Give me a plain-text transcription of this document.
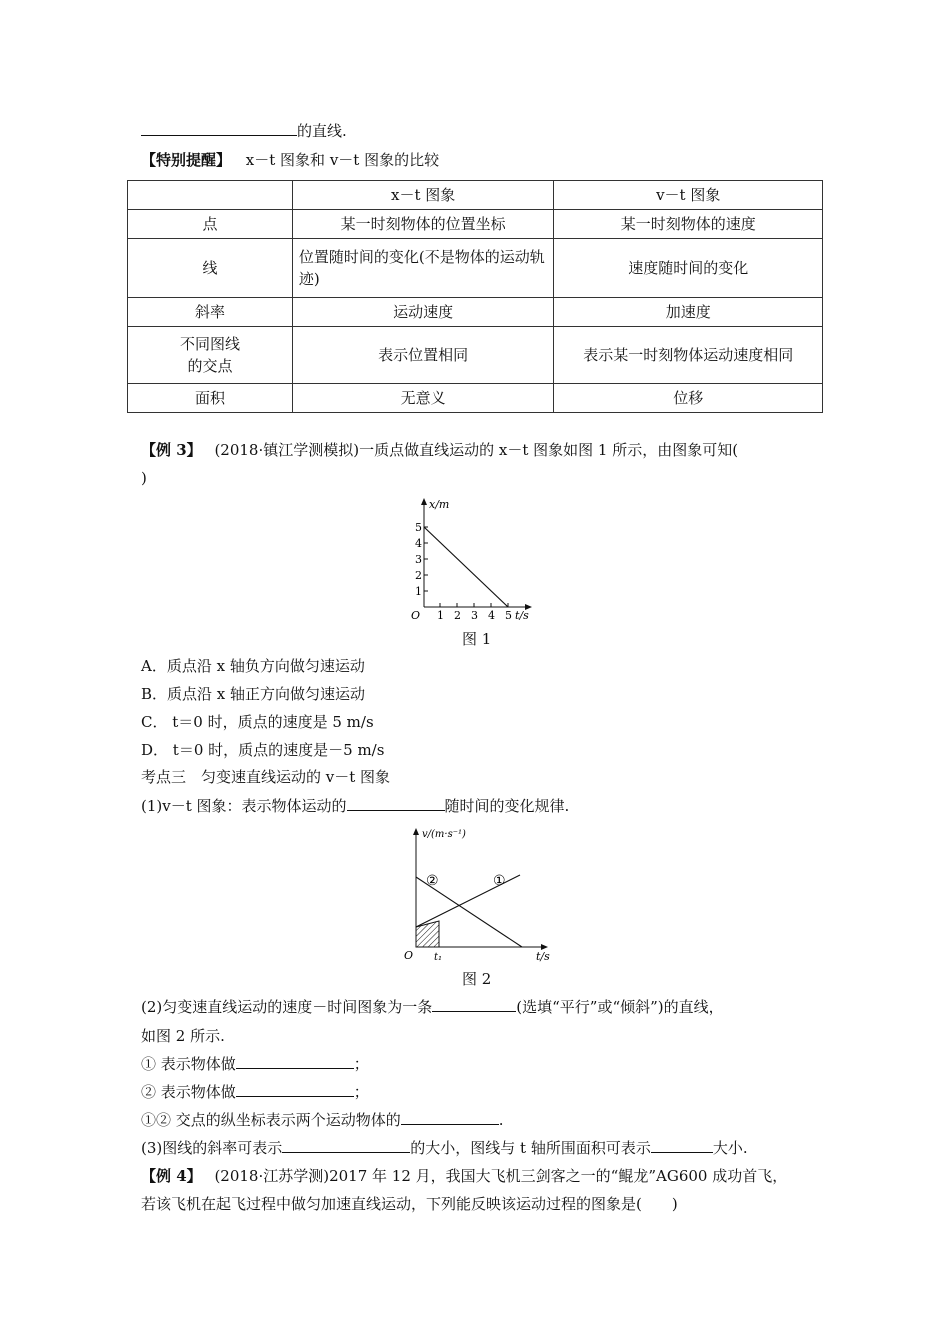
的直线.
【特别提醒】 x－t 图象和 v－t 图象的比较
	x－t 图象	v－t 图象
点	某一时刻物体的位置坐标	某一时刻物体的速度
线	位置随时间的变化(不是物体的运动轨迹)	速度随时间的变化
斜率	运动速度	加速度
不同图线的交点	表示位置相同	表示某一时刻物体运动速度相同
面积	无意义	位移
【例 3】 (2018·镇江学测模拟)一质点做直线运动的 x－t 图象如图 1 所示，由图象可知(
)
x/m
t/s
O
1
2
3
4
5
1 2 3 4 5
图 1
A．质点沿 x 轴负方向做匀速运动
B．质点沿 x 轴正方向做匀速运动
C． t＝0 时，质点的速度是 5 m/s
D． t＝0 时，质点的速度是－5 m/s
考点三　匀变速直线运动的 v－t 图象
(1)v－t 图象：表示物体运动的	随时间的变化规律.
v/(m·s⁻¹)
t/s
O t₁
①
②
图 2
(2)匀变速直线运动的速度－时间图象为一条	(选填“平行”或“倾斜”)的直线，
如图 2 所示.
① 表示物体做	；
② 表示物体做	；
①② 交点的纵坐标表示两个运动物体的	.
(3)图线的斜率可表示	的大小，图线与 t 轴所围面积可表示	大小.
【例 4】 (2018·江苏学测)2017 年 12 月，我国大飞机三剑客之一的“鲲龙”AG600 成功首飞，
若该飞机在起飞过程中做匀加速直线运动，下列能反映该运动过程的图象是(　　)
